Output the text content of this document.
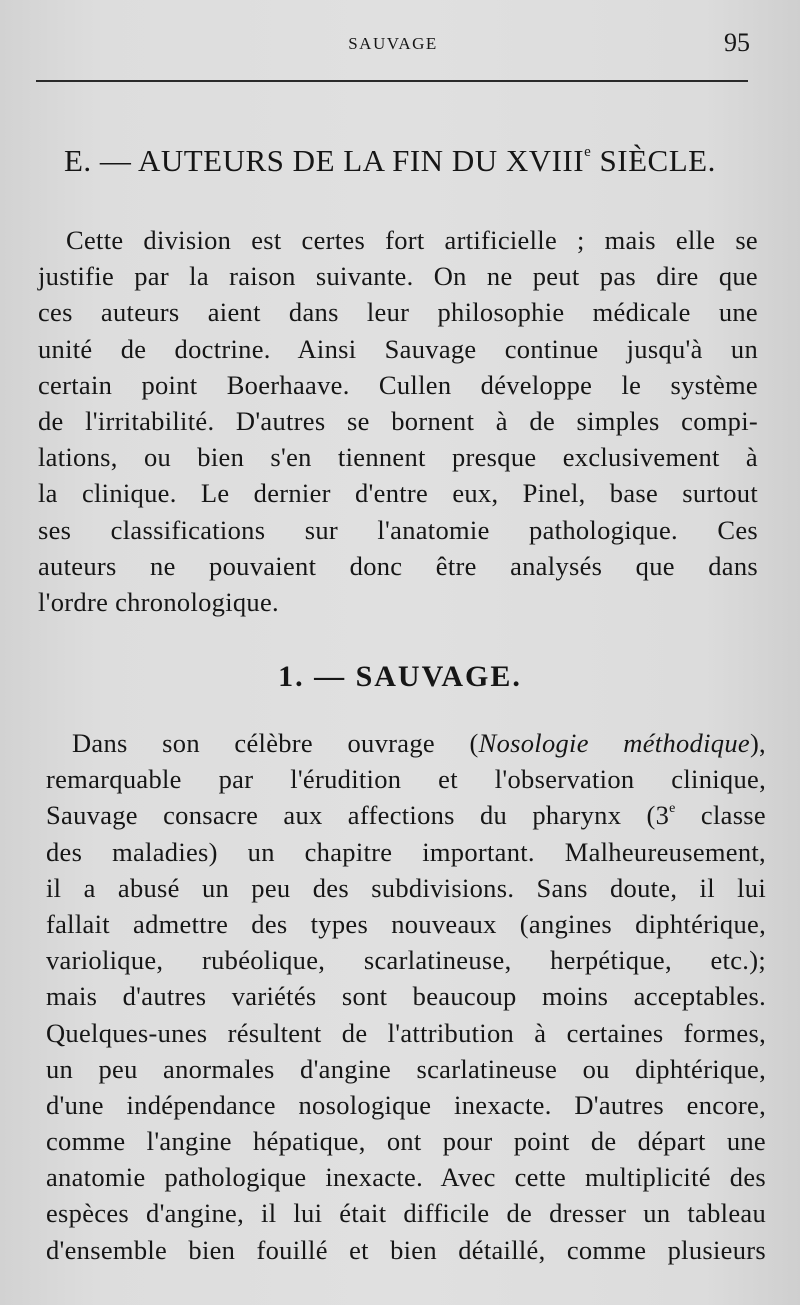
SAUVAGE	95
E. — AUTEURS DE LA FIN DU XVIIIe SIÈCLE.
Cette division est certes fort artificielle ; mais elle se
justifie par la raison suivante. On ne peut pas dire que
ces auteurs aient dans leur philosophie médicale une
unité de doctrine. Ainsi Sauvage continue jusqu'à un
certain point Boerhaave. Cullen développe le système
de l'irritabilité. D'autres se bornent à de simples compi-
lations, ou bien s'en tiennent presque exclusivement à
la clinique. Le dernier d'entre eux, Pinel, base surtout
ses classifications sur l'anatomie pathologique. Ces
auteurs ne pouvaient donc être analysés que dans
l'ordre chronologique.
1. — SAUVAGE.
Dans son célèbre ouvrage (Nosologie méthodique),
remarquable par l'érudition et l'observation clinique,
Sauvage consacre aux affections du pharynx (3e classe
des maladies) un chapitre important. Malheureusement,
il a abusé un peu des subdivisions. Sans doute, il lui
fallait admettre des types nouveaux (angines diphtérique,
variolique, rubéolique, scarlatineuse, herpétique, etc.);
mais d'autres variétés sont beaucoup moins acceptables.
Quelques-unes résultent de l'attribution à certaines formes,
un peu anormales d'angine scarlatineuse ou diphtérique,
d'une indépendance nosologique inexacte. D'autres encore,
comme l'angine hépatique, ont pour point de départ une
anatomie pathologique inexacte. Avec cette multiplicité des
espèces d'angine, il lui était difficile de dresser un tableau
d'ensemble bien fouillé et bien détaillé, comme plusieurs
